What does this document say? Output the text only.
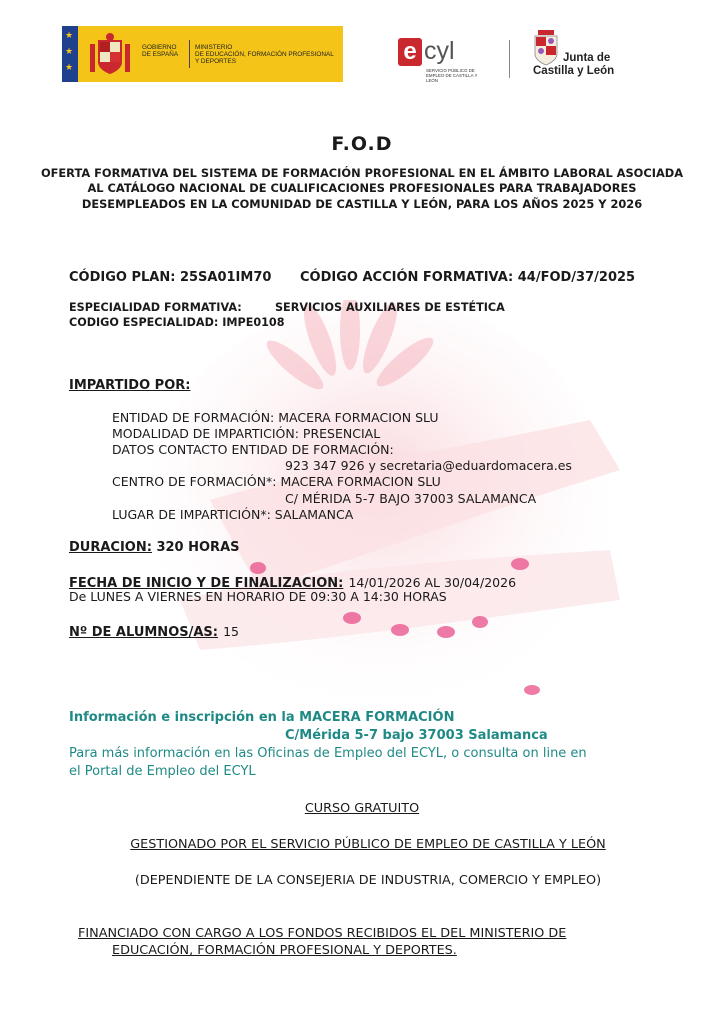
★
★
★
GOBIERNO
DE ESPAÑA
MINISTERIO
DE EDUCACIÓN, FORMACIÓN PROFESIONAL
Y DEPORTES	e cyl
SERVICIO PÚBLICO DE EMPLEO DE CASTILLA Y LEÓN
Junta de
Castilla y León
F.O.D
OFERTA FORMATIVA DEL SISTEMA DE FORMACIÓN PROFESIONAL EN EL ÁMBITO LABORAL ASOCIADA AL CATÁLOGO NACIONAL DE CUALIFICACIONES PROFESIONALES PARA TRABAJADORES DESEMPLEADOS EN LA COMUNIDAD DE CASTILLA Y LEÓN, PARA LOS AÑOS 2025 Y 2026
CÓDIGO PLAN: 25SA01IM70 CÓDIGO ACCIÓN FORMATIVA: 44/FOD/37/2025
ESPECIALIDAD FORMATIVA:	SERVICIOS AUXILIARES DE ESTÉTICA
CODIGO ESPECIALIDAD: IMPE0108
IMPARTIDO POR:
ENTIDAD DE FORMACIÓN: MACERA FORMACION SLU
MODALIDAD DE IMPARTICIÓN: PRESENCIAL
DATOS CONTACTO ENTIDAD DE FORMACIÓN:
923 347 926 y secretaria@eduardomacera.es
CENTRO DE FORMACIÓN*: MACERA FORMACION SLU
C/ MÉRIDA 5-7 BAJO 37003 SALAMANCA
LUGAR DE IMPARTICIÓN*: SALAMANCA
DURACION: 320 HORAS
FECHA DE INICIO Y DE FINALIZACION: 14/01/2026 AL 30/04/2026
De LUNES A VIERNES EN HORARIO DE 09:30 A 14:30 HORAS
Nº DE ALUMNOS/AS: 15
Información e inscripción en la MACERA FORMACIÓN
C/Mérida 5-7 bajo 37003 Salamanca
Para más información en las Oficinas de Empleo del ECYL, o consulta on line en
el Portal de Empleo del ECYL
CURSO GRATUITO
GESTIONADO POR EL SERVICIO PÚBLICO DE EMPLEO DE CASTILLA Y LEÓN
(DEPENDIENTE DE LA CONSEJERIA DE INDUSTRIA, COMERCIO Y EMPLEO)
FINANCIADO CON CARGO A LOS FONDOS RECIBIDOS EL DEL MINISTERIO DE
EDUCACIÓN, FORMACIÓN PROFESIONAL Y DEPORTES.
